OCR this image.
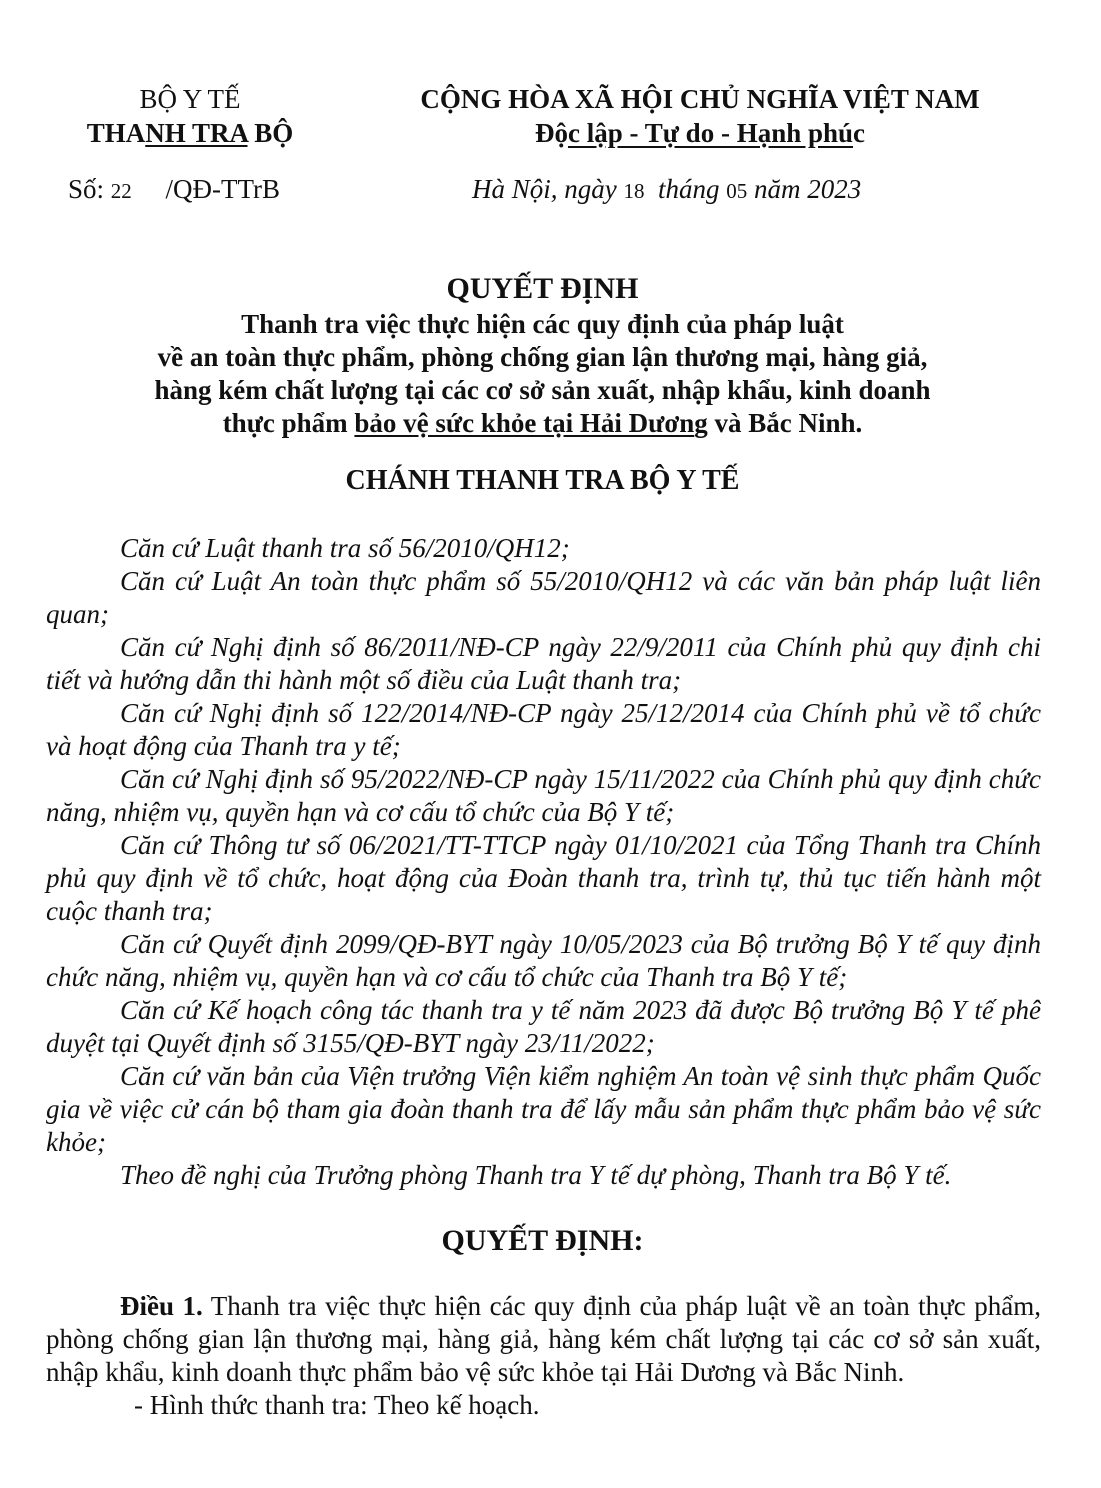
BỘ Y TẾ
THANH TRA BỘ
CỘNG HÒA XÃ HỘI CHỦ NGHĨA VIỆT NAM
Độc lập - Tự do - Hạnh phúc
Số: 22     /QĐ-TTrB	Hà Nội, ngày 18  tháng 05 năm 2023
QUYẾT ĐỊNH
Thanh tra việc thực hiện các quy định của pháp luật
về an toàn thực phẩm, phòng chống gian lận thương mại, hàng giả,
hàng kém chất lượng tại các cơ sở sản xuất, nhập khẩu, kinh doanh
thực phẩm bảo vệ sức khỏe tại Hải Dương và Bắc Ninh.
CHÁNH THANH TRA BỘ Y TẾ

Căn cứ Luật thanh tra số 56/2010/QH12;

Căn cứ Luật An toàn thực phẩm số 55/2010/QH12 và các văn bản pháp luật liên quan;

Căn cứ Nghị định số 86/2011/NĐ-CP ngày 22/9/2011 của Chính phủ quy định chi tiết và hướng dẫn thi hành một số điều của Luật thanh tra;

Căn cứ Nghị định số 122/2014/NĐ-CP ngày 25/12/2014 của Chính phủ về tổ chức và hoạt động của Thanh tra y tế;

Căn cứ Nghị định số 95/2022/NĐ-CP ngày 15/11/2022 của Chính phủ quy định chức năng, nhiệm vụ, quyền hạn và cơ cấu tổ chức của Bộ Y tế;

Căn cứ Thông tư số 06/2021/TT-TTCP ngày 01/10/2021 của Tổng Thanh tra Chính phủ quy định về tổ chức, hoạt động của Đoàn thanh tra, trình tự, thủ tục tiến hành một cuộc thanh tra;

Căn cứ Quyết định 2099/QĐ-BYT ngày 10/05/2023 của Bộ trưởng Bộ Y tế quy định chức năng, nhiệm vụ, quyền hạn và cơ cấu tổ chức của Thanh tra Bộ Y tế;

Căn cứ Kế hoạch công tác thanh tra y tế năm 2023 đã được Bộ trưởng Bộ Y tế phê duyệt tại Quyết định số 3155/QĐ-BYT ngày 23/11/2022;

Căn cứ văn bản của Viện trưởng Viện kiểm nghiệm An toàn vệ sinh thực phẩm Quốc gia về việc cử cán bộ tham gia đoàn thanh tra để lấy mẫu sản phẩm thực phẩm bảo vệ sức khỏe;

Theo đề nghị của Trưởng phòng Thanh tra Y tế dự phòng, Thanh tra Bộ Y tế.

QUYẾT ĐỊNH:

Điều 1. Thanh tra việc thực hiện các quy định của pháp luật về an toàn thực phẩm, phòng chống gian lận thương mại, hàng giả, hàng kém chất lượng tại các cơ sở sản xuất, nhập khẩu, kinh doanh thực phẩm bảo vệ sức khỏe tại Hải Dương và Bắc Ninh.

- Hình thức thanh tra: Theo kế hoạch.
